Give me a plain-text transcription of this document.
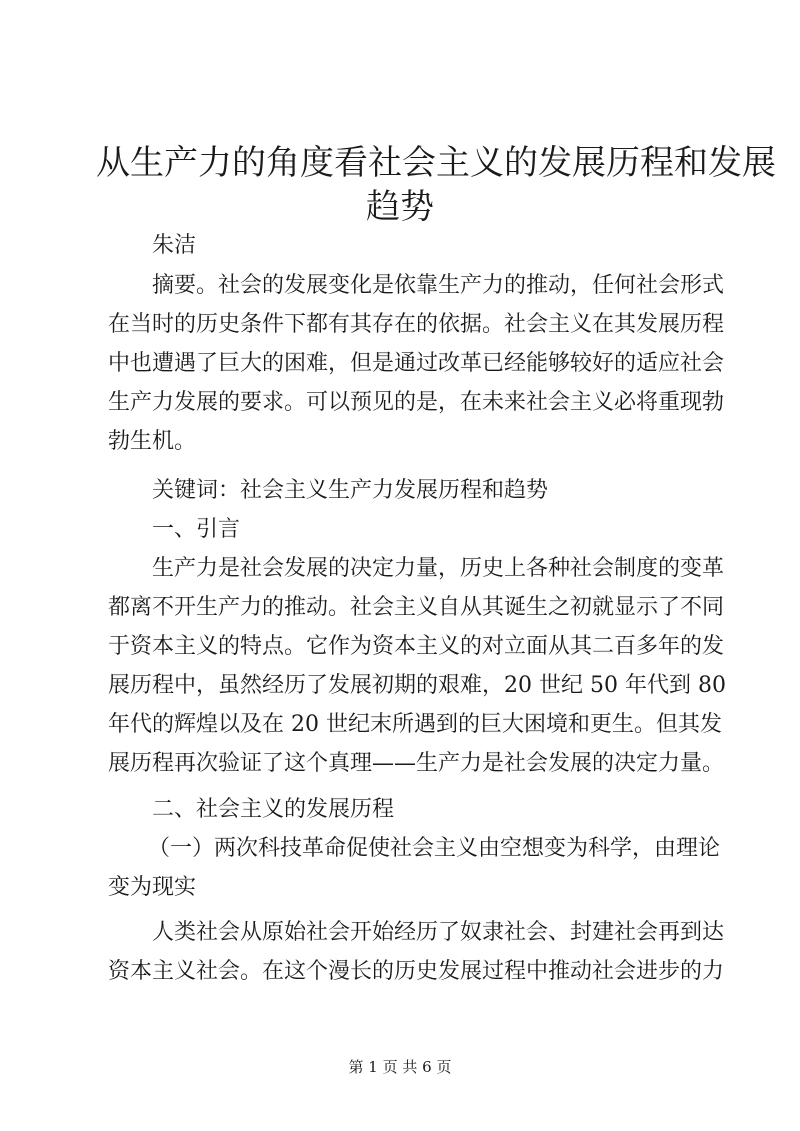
从生产力的角度看社会主义的发展历程和发展
趋势

朱洁

摘要。社会的发展变化是依靠生产力的推动，任何社会形式

在当时的历史条件下都有其存在的依据。社会主义在其发展历程

中也遭遇了巨大的困难，但是通过改革已经能够较好的适应社会

生产力发展的要求。可以预见的是，在未来社会主义必将重现勃

勃生机。

关键词：社会主义生产力发展历程和趋势

一、引言

生产力是社会发展的决定力量，历史上各种社会制度的变革

都离不开生产力的推动。社会主义自从其诞生之初就显示了不同

于资本主义的特点。它作为资本主义的对立面从其二百多年的发

展历程中，虽然经历了发展初期的艰难，20 世纪 50 年代到 80

年代的辉煌以及在 20 世纪末所遇到的巨大困境和更生。但其发

展历程再次验证了这个真理——生产力是社会发展的决定力量。

二、社会主义的发展历程

（一）两次科技革命促使社会主义由空想变为科学，由理论

变为现实

人类社会从原始社会开始经历了奴隶社会、封建社会再到达

资本主义社会。在这个漫长的历史发展过程中推动社会进步的力

第 1 页 共 6 页
